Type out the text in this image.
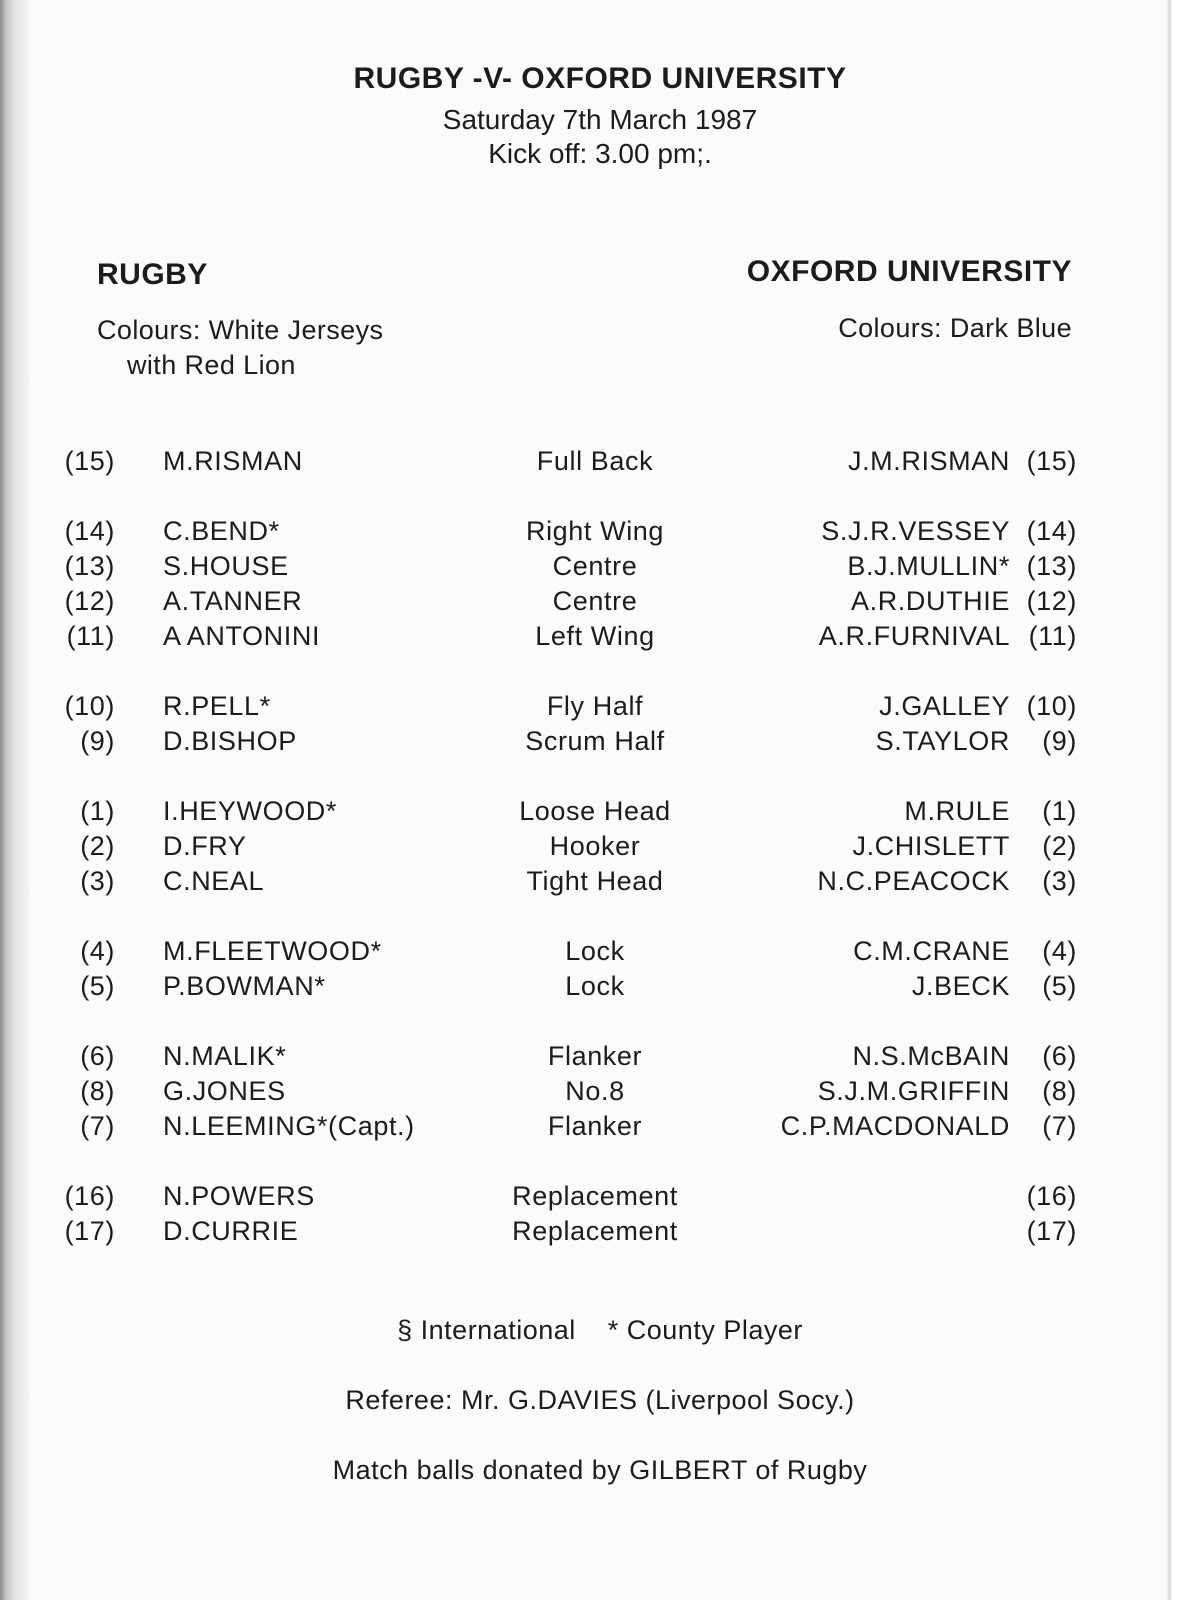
RUGBY -V- OXFORD UNIVERSITY
Saturday 7th March 1987
Kick off: 3.00 pm;.
RUGBY	OXFORD UNIVERSITY
Colours: White Jerseys
with Red Lion
Colours: Dark Blue
(15) M.RISMAN	Full Back	J.M.RISMAN (15)
(14) C.BEND*	Right Wing	S.J.R.VESSEY (14)
(13) S.HOUSE	Centre	B.J.MULLIN* (13)
(12) A.TANNER	Centre	A.R.DUTHIE (12)
(11) A ANTONINI	Left Wing	A.R.FURNIVAL (11)
(10) R.PELL*	Fly Half	J.GALLEY (10)
(9) D.BISHOP	Scrum Half	S.TAYLOR (9)
(1) I.HEYWOOD*	Loose Head	M.RULE (1)
(2) D.FRY	Hooker	J.CHISLETT (2)
(3) C.NEAL	Tight Head	N.C.PEACOCK (3)
(4) M.FLEETWOOD*	Lock	C.M.CRANE (4)
(5) P.BOWMAN*	Lock	J.BECK (5)
(6) N.MALIK*	Flanker	N.S.McBAIN (6)
(8) G.JONES	No.8	S.J.M.GRIFFIN (8)
(7) N.LEEMING*(Capt.)	Flanker	C.P.MACDONALD (7)
(16) N.POWERS	Replacement	(16)
(17) D.CURRIE	Replacement	(17)
§ International    * County Player
Referee: Mr. G.DAVIES (Liverpool Socy.)
Match balls donated by GILBERT of Rugby
